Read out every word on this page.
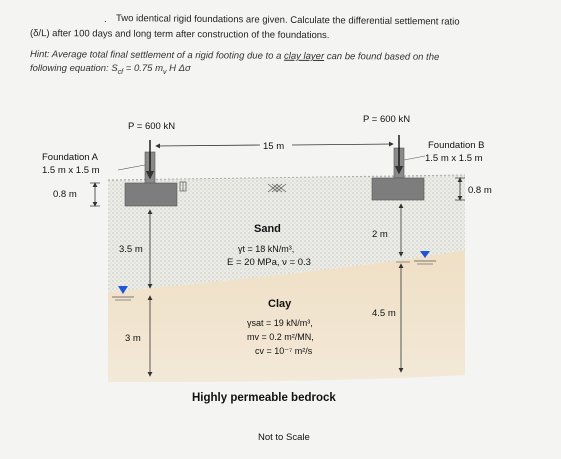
. Two identical rigid foundations are given. Calculate the differential settlement ratio
(δ/L) after 100 days and long term after construction of the foundations.
Hint: Average total final settlement of a rigid footing due to a clay layer can be found based on the
following equation: $S_{cf} = 0.75$ $m_v$ H Δσ
P = 600 kN
P = 600 kN
15 m
Foundation A
1.5 m x 1.5 m
Foundation B
1.5 m x 1.5 m
0.8 m	0.8 m
Sand
γt = 18 kN/m³,
E = 20 MPa, ν = 0.3
3.5 m
2 m
Clay
γsat = 19 kN/m³,
mv = 0.2 m²/MN,
cv = 10⁻⁷ m²/s
3 m
4.5 m
Highly permeable bedrock
Not to Scale
